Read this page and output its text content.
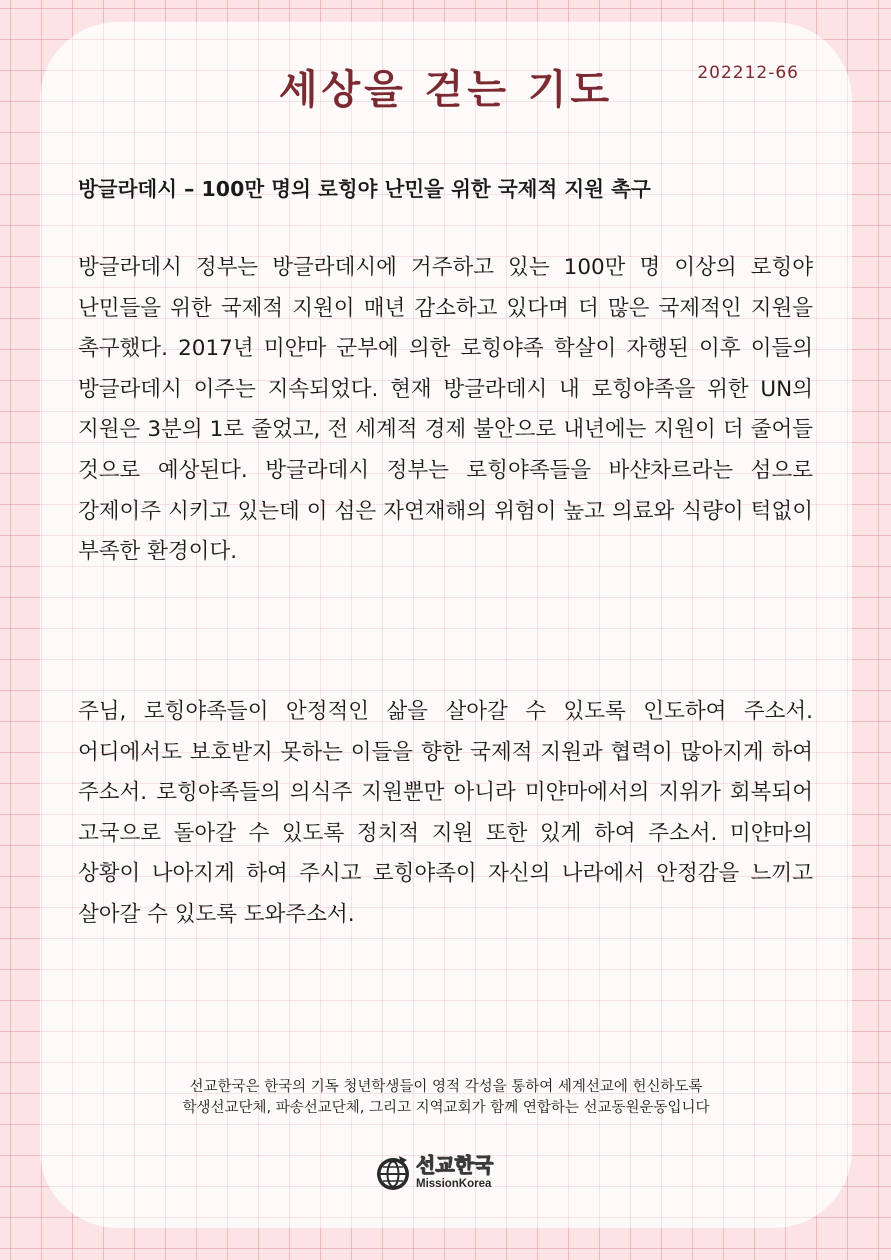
세상을 걷는 기도	202212-66
방글라데시 – 100만 명의 로힝야 난민을 위한 국제적 지원 촉구

방글라데시 정부는 방글라데시에 거주하고 있는 100만 명 이상의 로힝야 난민들을 위한 국제적 지원이 매년 감소하고 있다며 더 많은 국제적인 지원을 촉구했다. 2017년 미얀마 군부에 의한 로힝야족 학살이 자행된 이후 이들의 방글라데시 이주는 지속되었다. 현재 방글라데시 내 로힝야족을 위한 UN의 지원은 3분의 1로 줄었고, 전 세계적 경제 불안으로 내년에는 지원이 더 줄어들 것으로 예상된다. 방글라데시 정부는 로힝야족들을 바샨차르라는 섬으로 강제이주 시키고 있는데 이 섬은 자연재해의 위험이 높고 의료와 식량이 턱없이 부족한 환경이다.

주님, 로힝야족들이 안정적인 삶을 살아갈 수 있도록 인도하여 주소서. 어디에서도 보호받지 못하는 이들을 향한 국제적 지원과 협력이 많아지게 하여 주소서. 로힝야족들의 의식주 지원뿐만 아니라 미얀마에서의 지위가 회복되어 고국으로 돌아갈 수 있도록 정치적 지원 또한 있게 하여 주소서. 미얀마의 상황이 나아지게 하여 주시고 로힝야족이 자신의 나라에서 안정감을 느끼고 살아갈 수 있도록 도와주소서.

선교한국은 한국의 기독 청년학생들이 영적 각성을 통하여 세계선교에 헌신하도록
학생선교단체, 파송선교단체, 그리고 지역교회가 함께 연합하는 선교동원운동입니다
선교한국
MissionKorea
